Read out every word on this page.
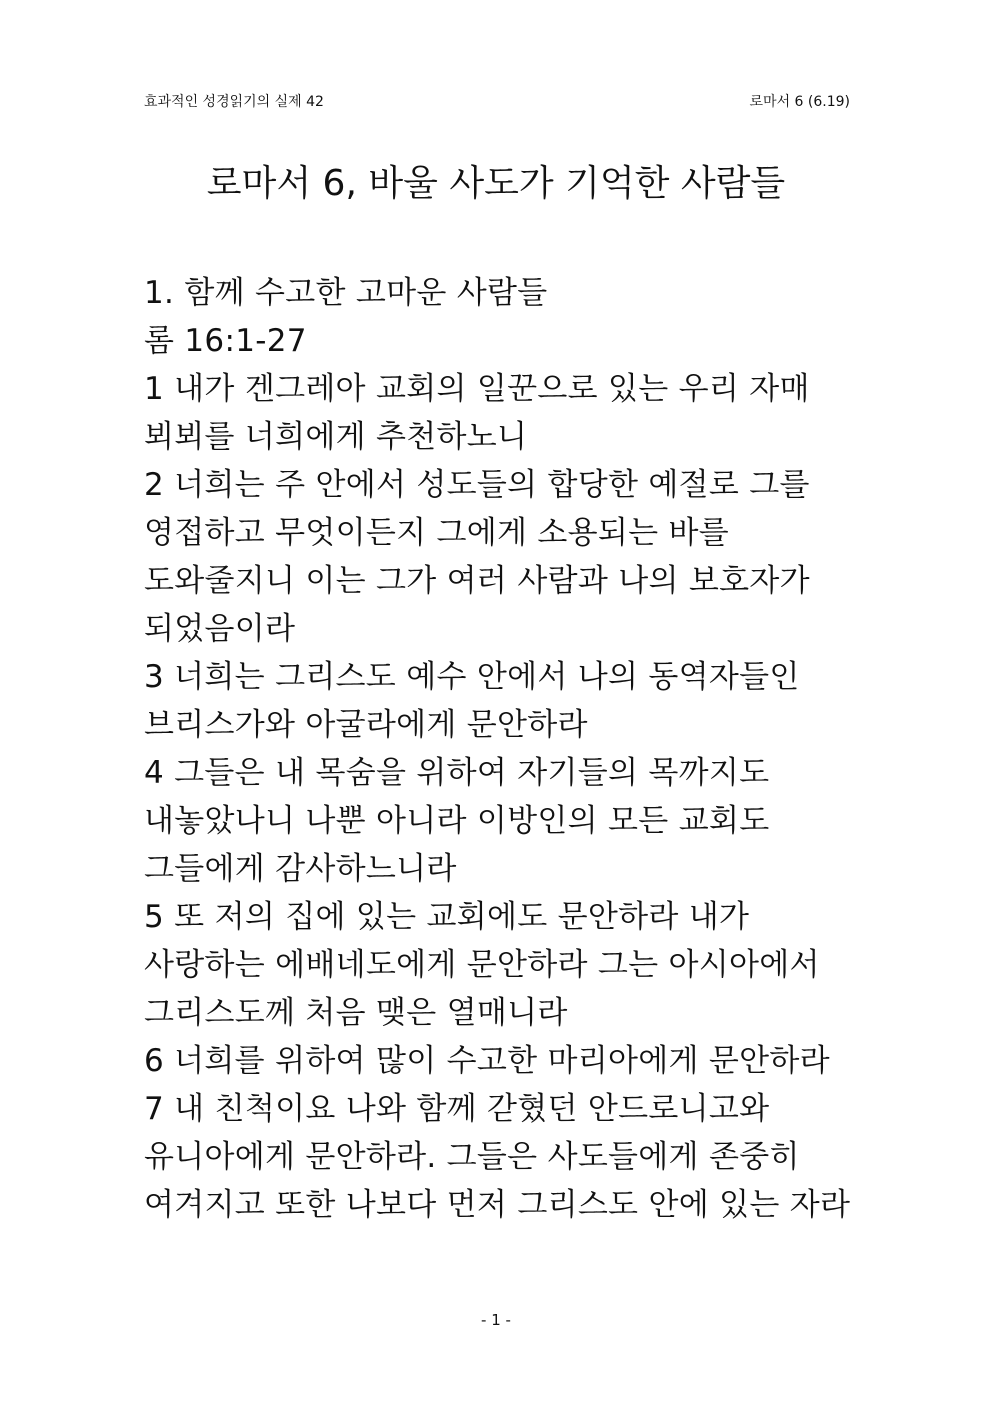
효과적인 성경읽기의 실제 42	로마서 6 (6.19)
로마서 6, 바울 사도가 기억한 사람들
1. 함께 수고한 고마운 사람들
롬 16:1-27
1 내가 겐그레아 교회의 일꾼으로 있는 우리 자매
뵈뵈를 너희에게 추천하노니
2 너희는 주 안에서 성도들의 합당한 예절로 그를
영접하고 무엇이든지 그에게 소용되는 바를
도와줄지니 이는 그가 여러 사람과 나의 보호자가
되었음이라
3 너희는 그리스도 예수 안에서 나의 동역자들인
브리스가와 아굴라에게 문안하라
4 그들은 내 목숨을 위하여 자기들의 목까지도
내놓았나니 나뿐 아니라 이방인의 모든 교회도
그들에게 감사하느니라
5 또 저의 집에 있는 교회에도 문안하라 내가
사랑하는 에배네도에게 문안하라 그는 아시아에서
그리스도께 처음 맺은 열매니라
6 너희를 위하여 많이 수고한 마리아에게 문안하라
7 내 친척이요 나와 함께 갇혔던 안드로니고와
유니아에게 문안하라. 그들은 사도들에게 존중히
여겨지고 또한 나보다 먼저 그리스도 안에 있는 자라
- 1 -
